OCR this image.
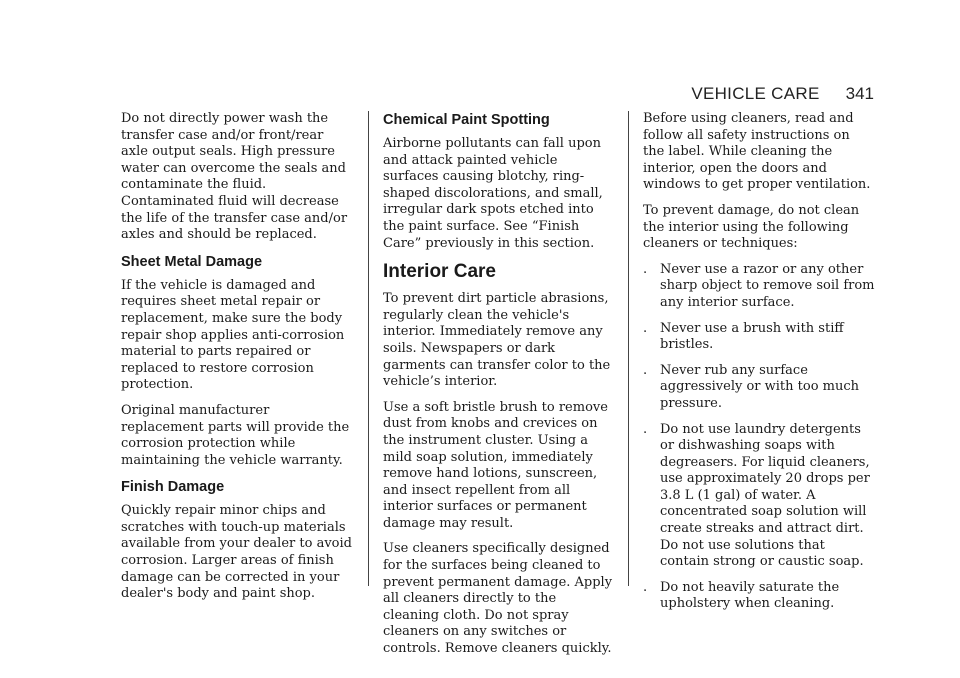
VEHICLE CARE 341

Do not directly power wash the transfer case and/or front/rear axle output seals. High pressure water can overcome the seals and contaminate the fluid. Contaminated fluid will decrease the life of the transfer case and/or axles and should be replaced.

Sheet Metal Damage

If the vehicle is damaged and requires sheet metal repair or replacement, make sure the body repair shop applies anti-corrosion material to parts repaired or replaced to restore corrosion protection.

Original manufacturer replacement parts will provide the corrosion protection while maintaining the vehicle warranty.

Finish Damage

Quickly repair minor chips and scratches with touch-up materials available from your dealer to avoid corrosion. Larger areas of finish damage can be corrected in your dealer's body and paint shop.

Chemical Paint Spotting

Airborne pollutants can fall upon and attack painted vehicle surfaces causing blotchy, ring-shaped discolorations, and small, irregular dark spots etched into the paint surface. See “Finish Care” previously in this section.

Interior Care

To prevent dirt particle abrasions, regularly clean the vehicle's interior. Immediately remove any soils. Newspapers or dark garments can transfer color to the vehicle’s interior.

Use a soft bristle brush to remove dust from knobs and crevices on the instrument cluster. Using a mild soap solution, immediately remove hand lotions, sunscreen, and insect repellent from all interior surfaces or permanent damage may result.

Use cleaners specifically designed for the surfaces being cleaned to prevent permanent damage. Apply all cleaners directly to the cleaning cloth. Do not spray cleaners on any switches or controls. Remove cleaners quickly.

Before using cleaners, read and follow all safety instructions on the label. While cleaning the interior, open the doors and windows to get proper ventilation.

To prevent damage, do not clean the interior using the following cleaners or techniques:

. Never use a razor or any other sharp object to remove soil from any interior surface.
. Never use a brush with stiff bristles.
. Never rub any surface aggressively or with too much pressure.
. Do not use laundry detergents or dishwashing soaps with degreasers. For liquid cleaners, use approximately 20 drops per 3.8 L (1 gal) of water. A concentrated soap solution will create streaks and attract dirt. Do not use solutions that contain strong or caustic soap.
. Do not heavily saturate the upholstery when cleaning.
